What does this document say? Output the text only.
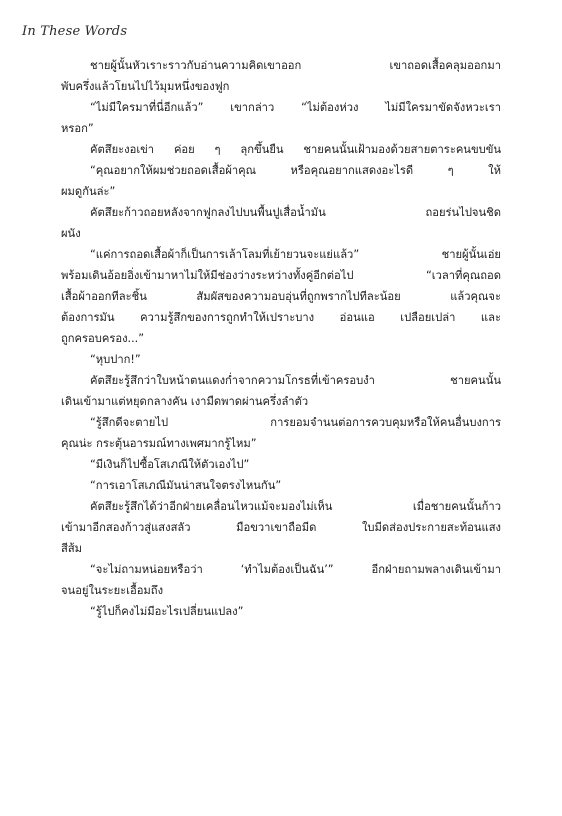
In These Words
ชายผู้นั้นหัวเราะราวกับอ่านความคิดเขาออก เขาถอดเสื้อคลุมออกมา
พับครึ่งแล้วโยนไปไว้มุมหนึ่งของฟูก
“ไม่มีใครมาที่นี่อีกแล้ว” เขากล่าว “ไม่ต้องห่วง ไม่มีใครมาขัดจังหวะเรา
หรอก”
คัตสึยะงอเข่า ค่อย ๆ ลุกขึ้นยืน ชายคนนั้นเฝ้ามองด้วยสายตาระคนขบขัน
“คุณอยากให้ผมช่วยถอดเสื้อผ้าคุณ หรือคุณอยากแสดงอะไรดี ๆ ให้
ผมดูกันล่ะ”
คัตสึยะก้าวถอยหลังจากฟูกลงไปบนพื้นปูเสื่อน้ำมัน ถอยร่นไปจนชิด
ผนัง
“แค่การถอดเสื้อผ้าก็เป็นการเล้าโลมที่เย้ายวนจะแย่แล้ว” ชายผู้นั้นเอ่ย
พร้อมเดินอ้อยอิ่งเข้ามาหาไม่ให้มีช่องว่างระหว่างทั้งคู่อีกต่อไป “เวลาที่คุณถอด
เสื้อผ้าออกทีละชิ้น สัมผัสของความอบอุ่นที่ถูกพรากไปทีละน้อย แล้วคุณจะ
ต้องการมัน ความรู้สึกของการถูกทำให้เปราะบาง อ่อนแอ เปลือยเปล่า และ
ถูกครอบครอง...”
“หุบปาก!”
คัตสึยะรู้สึกว่าใบหน้าตนแดงก่ำจากความโกรธที่เข้าครอบงำ ชายคนนั้น
เดินเข้ามาแต่หยุดกลางคัน เงามืดพาดผ่านครึ่งลำตัว
“รู้สึกดีจะตายไป การยอมจำนนต่อการควบคุมหรือให้คนอื่นบงการ
คุณน่ะ กระตุ้นอารมณ์ทางเพศมากรู้ไหม”
“มีเงินก็ไปซื้อโสเภณีให้ตัวเองไป”
“การเอาโสเภณีมันน่าสนใจตรงไหนกัน”
คัตสึยะรู้สึกได้ว่าอีกฝ่ายเคลื่อนไหวแม้จะมองไม่เห็น เมื่อชายคนนั้นก้าว
เข้ามาอีกสองก้าวสู่แสงสลัว มือขวาเขาถือมีด ใบมีดส่องประกายสะท้อนแสง
สีส้ม
“จะไม่ถามหน่อยหรือว่า ‘ทำไมต้องเป็นฉัน’” อีกฝ่ายถามพลางเดินเข้ามา
จนอยู่ในระยะเอื้อมถึง
“รู้ไปก็คงไม่มีอะไรเปลี่ยนแปลง”
